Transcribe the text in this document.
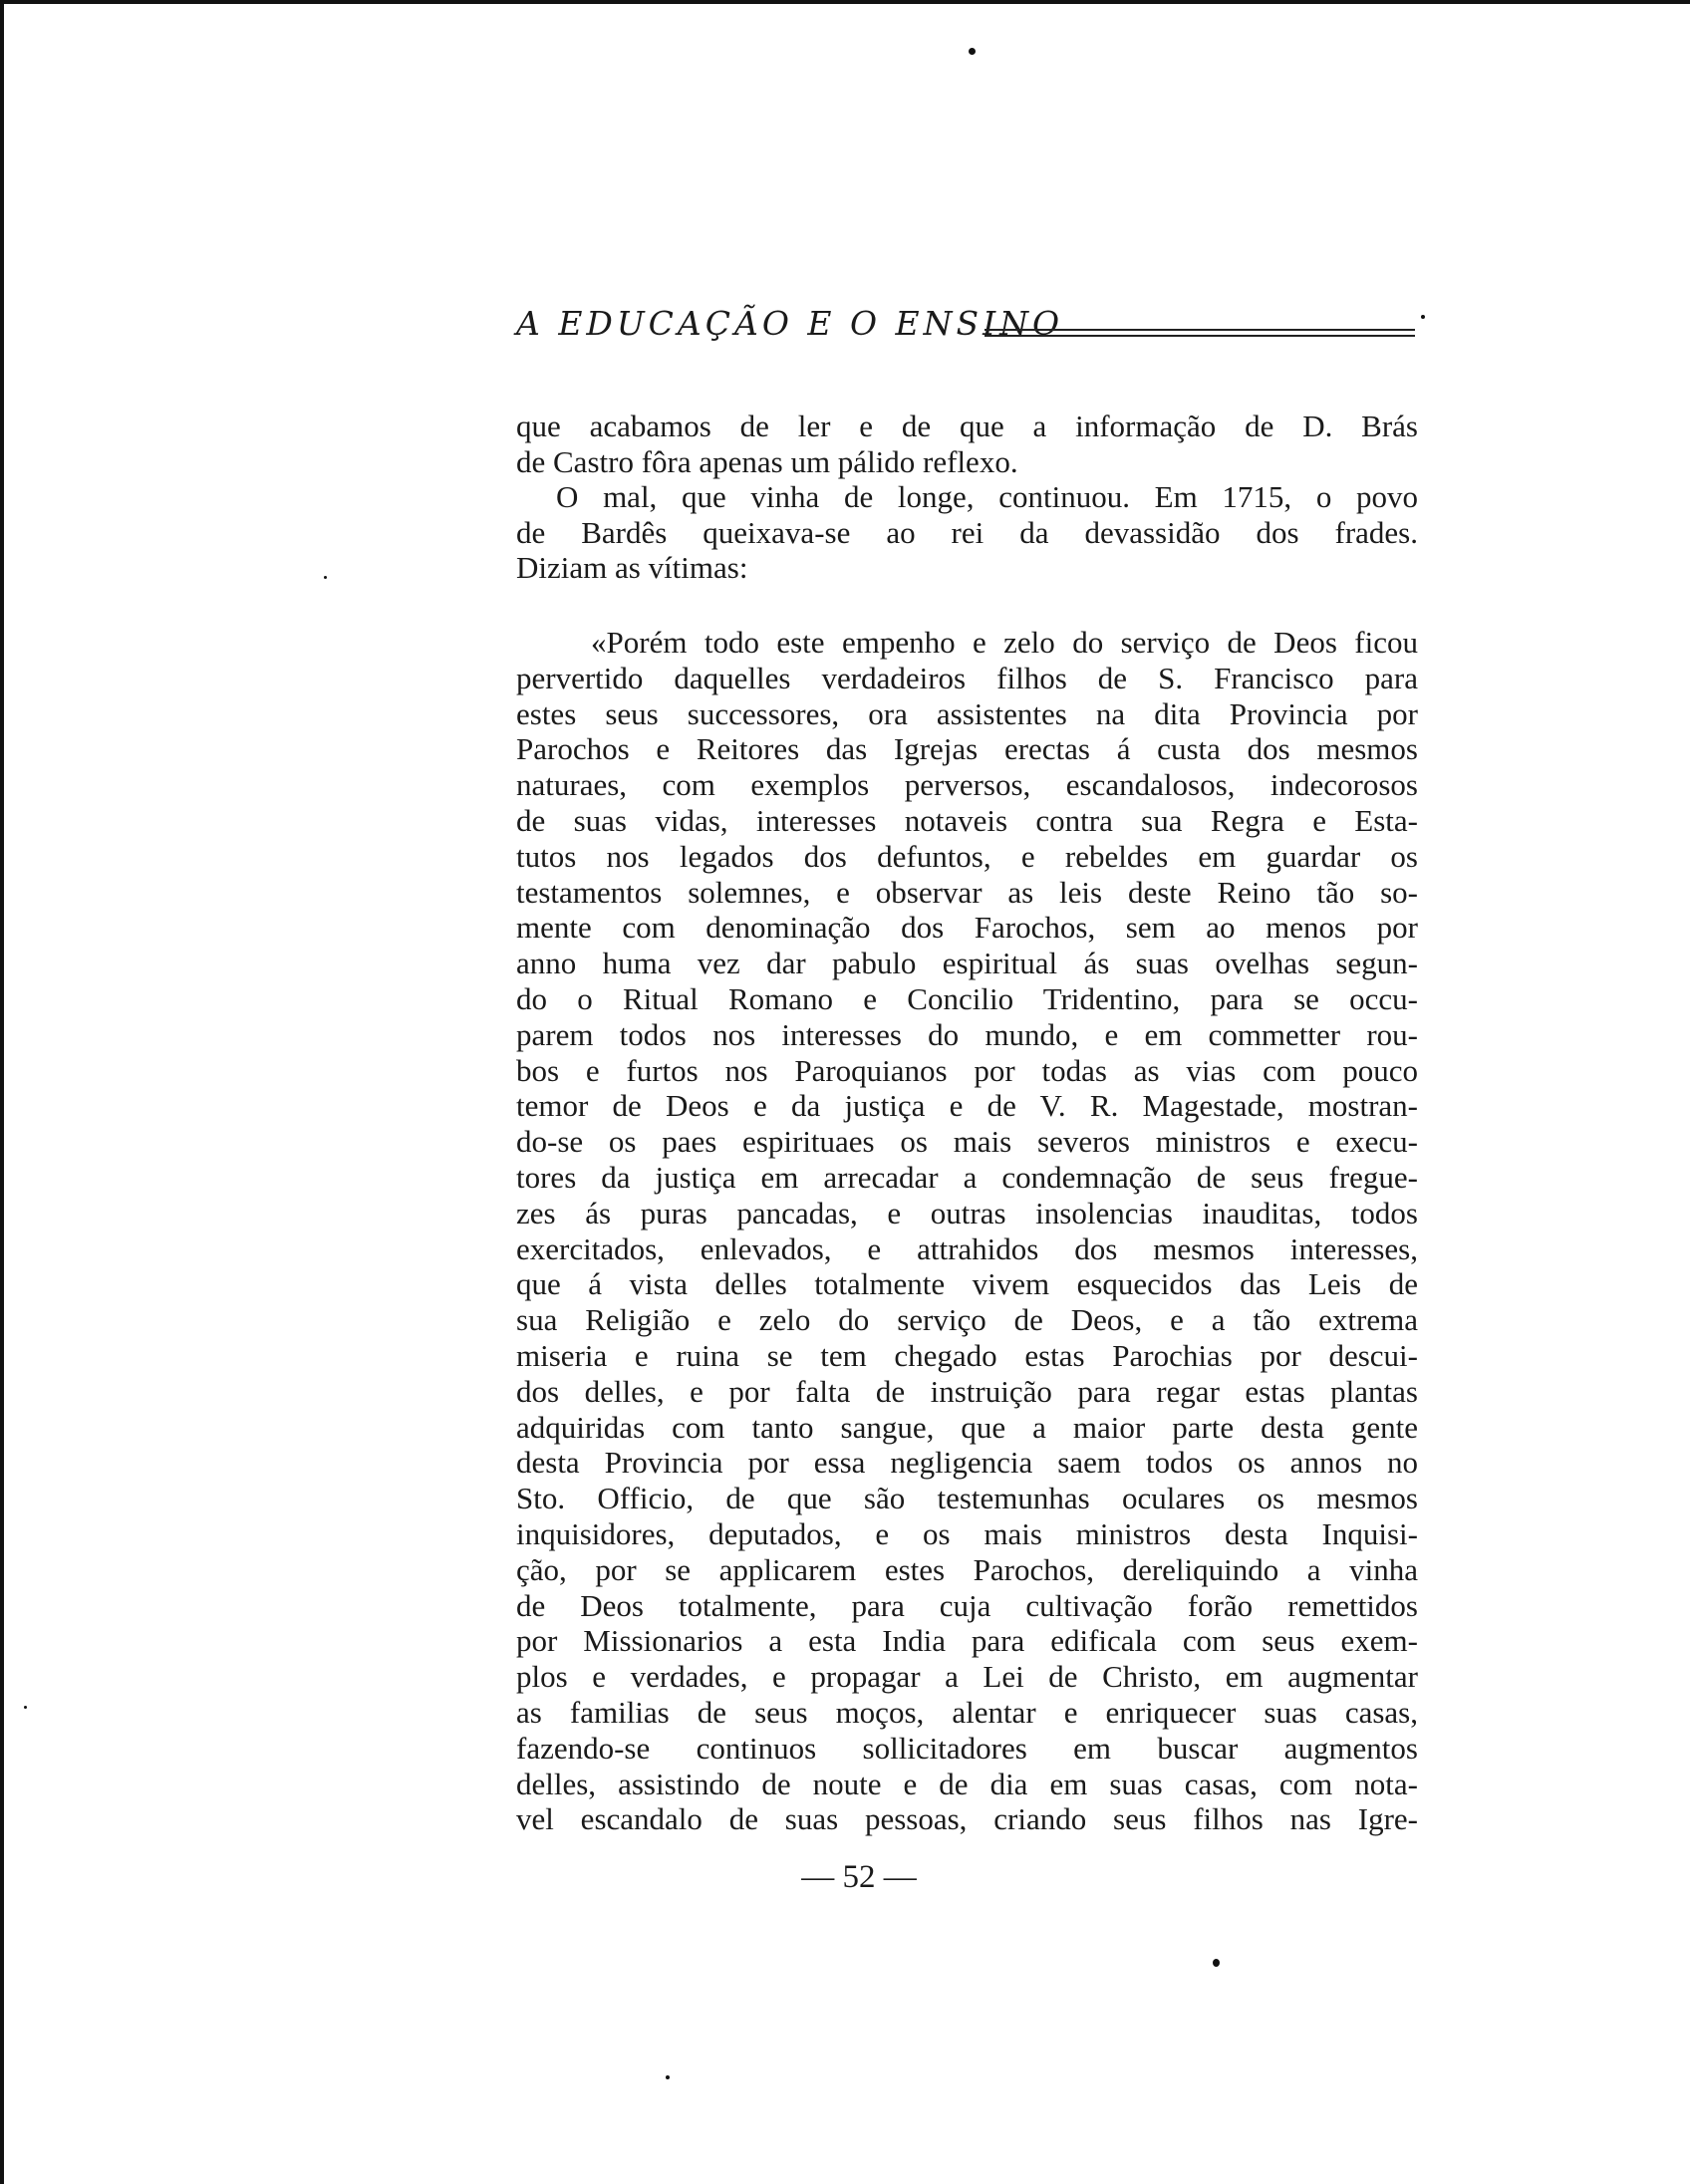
A EDUCAÇÃO E O ENSINO

que acabamos de ler e de que a informação de D. Brás

de Castro fôra apenas um pálido reflexo.

O mal, que vinha de longe, continuou. Em 1715, o povo

de Bardês queixava-se ao rei da devassidão dos frades.

Diziam as vítimas:

«Porém todo este empenho e zelo do serviço de Deos ficou

pervertido daquelles verdadeiros filhos de S. Francisco para

estes seus successores, ora assistentes na dita Provincia por

Parochos e Reitores das Igrejas erectas á custa dos mesmos

naturaes, com exemplos perversos, escandalosos, indecorosos

de suas vidas, interesses notaveis contra sua Regra e Esta-

tutos nos legados dos defuntos, e rebeldes em guardar os

testamentos solemnes, e observar as leis deste Reino tão so-

mente com denominação dos Farochos, sem ao menos por

anno huma vez dar pabulo espiritual ás suas ovelhas segun-

do o Ritual Romano e Concilio Tridentino, para se occu-

parem todos nos interesses do mundo, e em commetter rou-

bos e furtos nos Paroquianos por todas as vias com pouco

temor de Deos e da justiça e de V. R. Magestade, mostran-

do-se os paes espirituaes os mais severos ministros e execu-

tores da justiça em arrecadar a condemnação de seus fregue-

zes ás puras pancadas, e outras insolencias inauditas, todos

exercitados, enlevados, e attrahidos dos mesmos interesses,

que á vista delles totalmente vivem esquecidos das Leis de

sua Religião e zelo do serviço de Deos, e a tão extrema

miseria e ruina se tem chegado estas Parochias por descui-

dos delles, e por falta de instruição para regar estas plantas

adquiridas com tanto sangue, que a maior parte desta gente

desta Provincia por essa negligencia saem todos os annos no

Sto. Officio, de que são testemunhas oculares os mesmos

inquisidores, deputados, e os mais ministros desta Inquisi-

ção, por se applicarem estes Parochos, dereliquindo a vinha

de Deos totalmente, para cuja cultivação forão remettidos

por Missionarios a esta India para edificala com seus exem-

plos e verdades, e propagar a Lei de Christo, em augmentar

as familias de seus moços, alentar e enriquecer suas casas,

fazendo-se continuos sollicitadores em buscar augmentos

delles, assistindo de noute e de dia em suas casas, com nota-

vel escandalo de suas pessoas, criando seus filhos nas Igre-

— 52 —
